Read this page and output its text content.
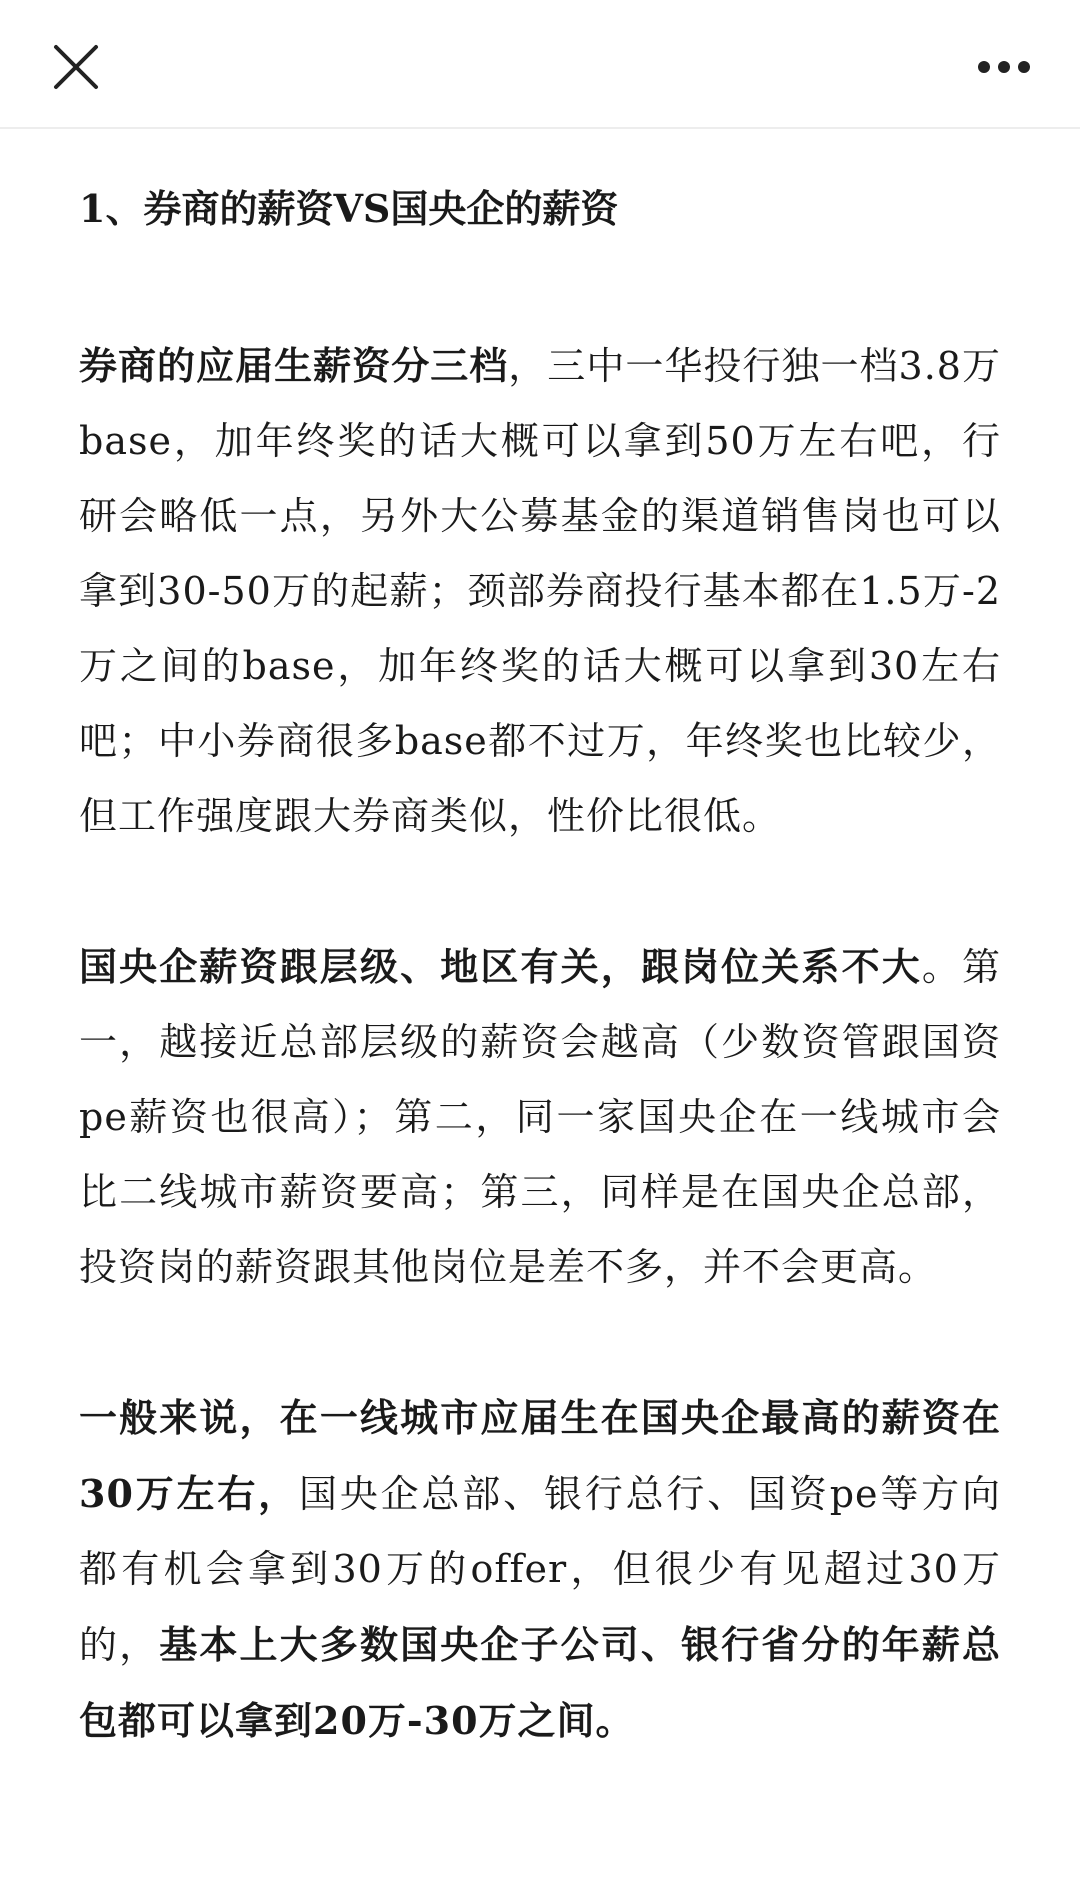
1、券商的薪资VS国央企的薪资

券商的应届生薪资分三档，三中一华投行独一档3.8万base，加年终奖的话大概可以拿到50万左右吧，行研会略低一点，另外大公募基金的渠道销售岗也可以拿到30-50万的起薪；颈部券商投行基本都在1.5万-2万之间的base，加年终奖的话大概可以拿到30左右吧；中小券商很多base都不过万，年终奖也比较少，但工作强度跟大券商类似，性价比很低。

国央企薪资跟层级、地区有关，跟岗位关系不大。第一，越接近总部层级的薪资会越高（少数资管跟国资pe薪资也很高）；第二，同一家国央企在一线城市会比二线城市薪资要高；第三，同样是在国央企总部，投资岗的薪资跟其他岗位是差不多，并不会更高。

一般来说，在一线城市应届生在国央企最高的薪资在30万左右，国央企总部、银行总行、国资pe等方向都有机会拿到30万的offer，但很少有见超过30万的，基本上大多数国央企子公司、银行省分的年薪总包都可以拿到20万-30万之间。
